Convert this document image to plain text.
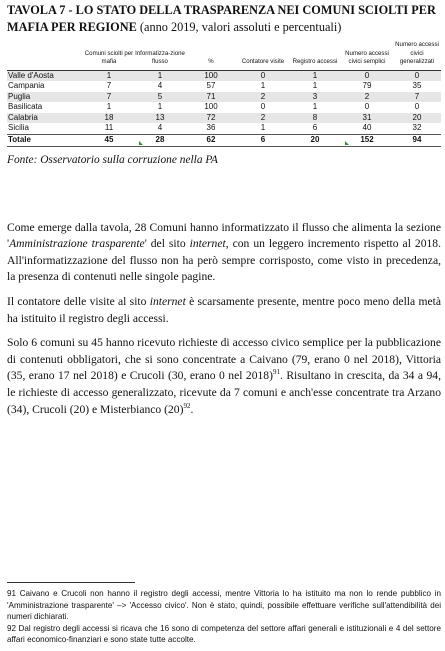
TAVOLA 7 - LO STATO DELLA TRASPARENZA NEI COMUNI SCIOLTI PER MAFIA PER REGIONE (anno 2019, valori assoluti e percentuali)
	Comuni sciolti per mafia	Informatizza-zione flusso	%	Contatore visite	Registro accessi	Numero accessi civici semplici	Numero accessi civici generalizzati
Valle d'Aosta	1	1	100	0	1	0	0
Campania	7	4	57	1	1	79	35
Puglia	7	5	71	2	3	2	7
Basilicata	1	1	100	0	1	0	0
Calabria	18	13	72	2	8	31	20
Sicilia	11	4	36	1	6	40	32
Totale	45	28	62	6	20	152	94
Fonte: Osservatorio sulla corruzione nella PA

Come emerge dalla tavola, 28 Comuni hanno informatizzato il flusso che alimenta la sezione 'Amministrazione trasparente' del sito internet, con un leggero incremento rispetto al 2018. All'informatizzazione del flusso non ha però sempre corrisposto, come visto in precedenza, la presenza di contenuti nelle singole pagine.

Il contatore delle visite al sito internet è scarsamente presente, mentre poco meno della metà ha istituito il registro degli accessi.

Solo 6 comuni su 45 hanno ricevuto richieste di accesso civico semplice per la pubblicazione di contenuti obbligatori, che si sono concentrate a Caivano (79, erano 0 nel 2018), Vittoria (35, erano 17 nel 2018) e Crucoli (30, erano 0 nel 2018)$^{91}$. Risultano in crescita, da 34 a 94, le richieste di accesso generalizzato, ricevute da 7 comuni e anch'esse concentrate tra Arzano (34), Crucoli (20) e Misterbianco $(20)^{92}$.

91 Caivano e Crucoli non hanno il registro degli accessi, mentre Vittoria lo ha istituito ma non lo rende pubblico in 'Amministrazione trasparente' –> 'Accesso civico'. Non è stato, quindi, possibile effettuare verifiche sull'attendibilità dei numeri dichiarati.

92 Dal registro degli accessi si ricava che 16 sono di competenza del settore affari generali e istituzionali e 4 del settore affari economico-finanziari e sono state tutte accolte.
